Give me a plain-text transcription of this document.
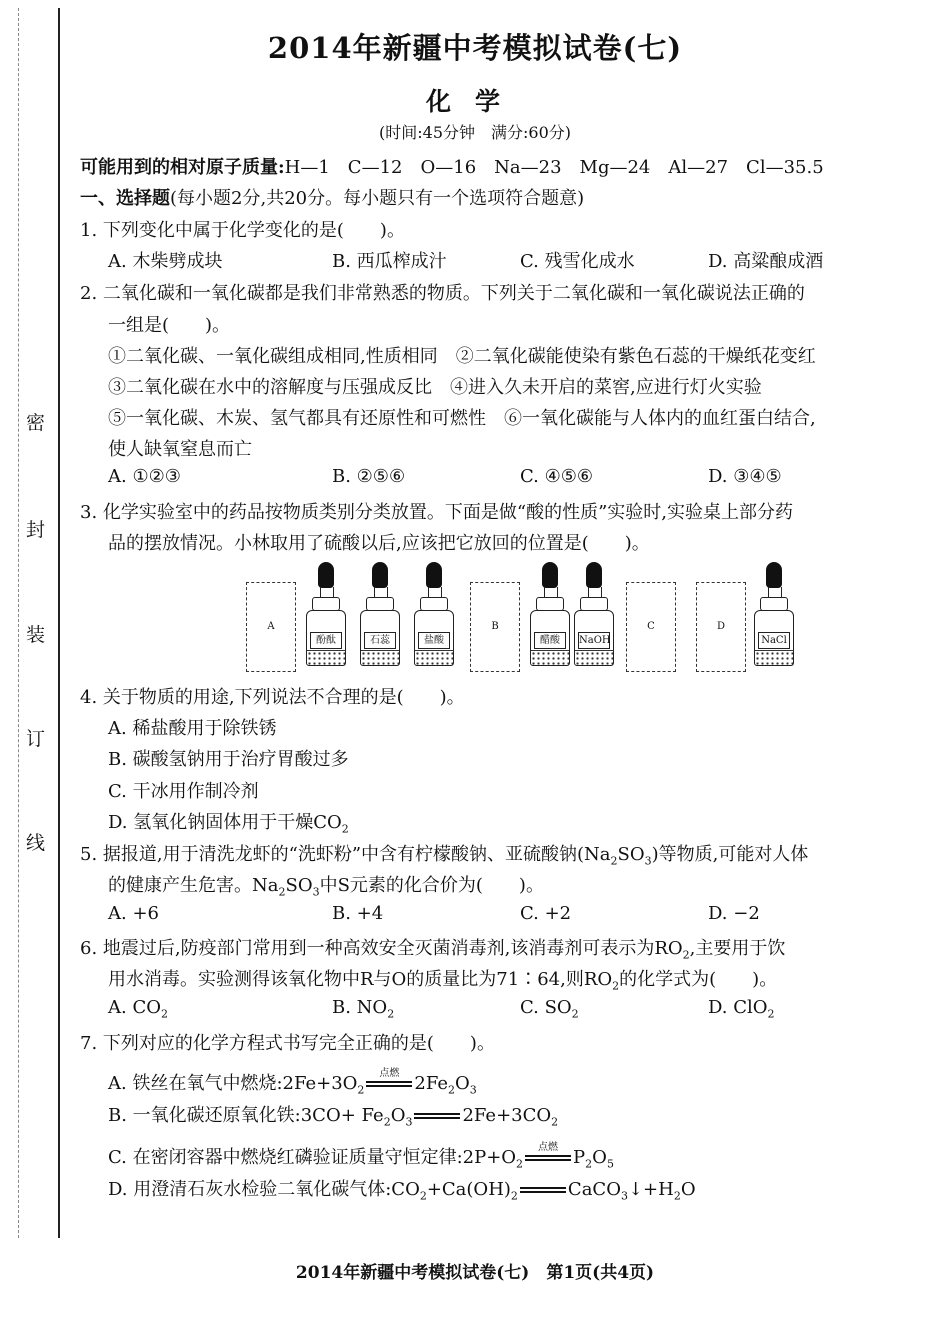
密
封
装
订
线
2014年新疆中考模拟试卷(七)
化学
(时间:45分钟　满分:60分)
可能用到的相对原子质量:H—1　C—12　O—16　Na—23　Mg—24　Al—27　Cl—35.5
一、选择题(每小题2分,共20分。每小题只有一个选项符合题意)
1. 下列变化中属于化学变化的是(　　)。
A. 木柴劈成块	B. 西瓜榨成汁	C. 残雪化成水	D. 高粱酿成酒
2. 二氧化碳和一氧化碳都是我们非常熟悉的物质。下列关于二氧化碳和一氧化碳说法正确的
一组是(　　)。
①二氧化碳、一氧化碳组成相同,性质相同　②二氧化碳能使染有紫色石蕊的干燥纸花变红
③二氧化碳在水中的溶解度与压强成反比　④进入久未开启的菜窖,应进行灯火实验
⑤一氧化碳、木炭、氢气都具有还原性和可燃性　⑥一氧化碳能与人体内的血红蛋白结合,
使人缺氧窒息而亡
A. ①②③	B. ②⑤⑥	C. ④⑤⑥	D. ③④⑤
3. 化学实验室中的药品按物质类别分类放置。下面是做“酸的性质”实验时,实验桌上部分药
品的摆放情况。小林取用了硫酸以后,应该把它放回的位置是(　　)。
A
酚酞	石蕊	盐酸
B
醋酸	NaOH
C	D
NaCl
4. 关于物质的用途,下列说法不合理的是(　　)。
A. 稀盐酸用于除铁锈
B. 碳酸氢钠用于治疗胃酸过多
C. 干冰用作制冷剂
D. 氢氧化钠固体用于干燥$CO_2$
5. 据报道,用于清洗龙虾的“洗虾粉”中含有柠檬酸钠、亚硫酸钠$(Na_2SO_3)$等物质,可能对人体
的健康产生危害。$Na_2SO_3$中S元素的化合价为(　　)。
A. +6	B. +4	C. +2	D. −2
6. 地震过后,防疫部门常用到一种高效安全灭菌消毒剂,该消毒剂可表示为$RO_2$,主要用于饮
用水消毒。实验测得该氧化物中R与O的质量比为71∶64,则$RO_2$的化学式为(　　)。
A. $CO_2$	B. $NO_2$	C. $SO_2$	D. ClO$_2$
7. 下列对应的化学方程式书写完全正确的是(　　)。
A. 铁丝在氧气中燃烧$:2Fe+3O_2$
点燃 $2Fe_2O_3$
B. 一氧化碳还原氧化铁:3CO+ $Fe_2O_3$	$2Fe+3CO_2$
C. 在密闭容器中燃烧红磷验证质量守恒定律$:2P+O_2$
点燃 $P_2O_5$
D. 用澄清石灰水检验二氧化碳气体$:CO_2+Ca(OH)_2$	$CaCO_3↓+H_2O$
2014年新疆中考模拟试卷(七)　第1页(共4页)
